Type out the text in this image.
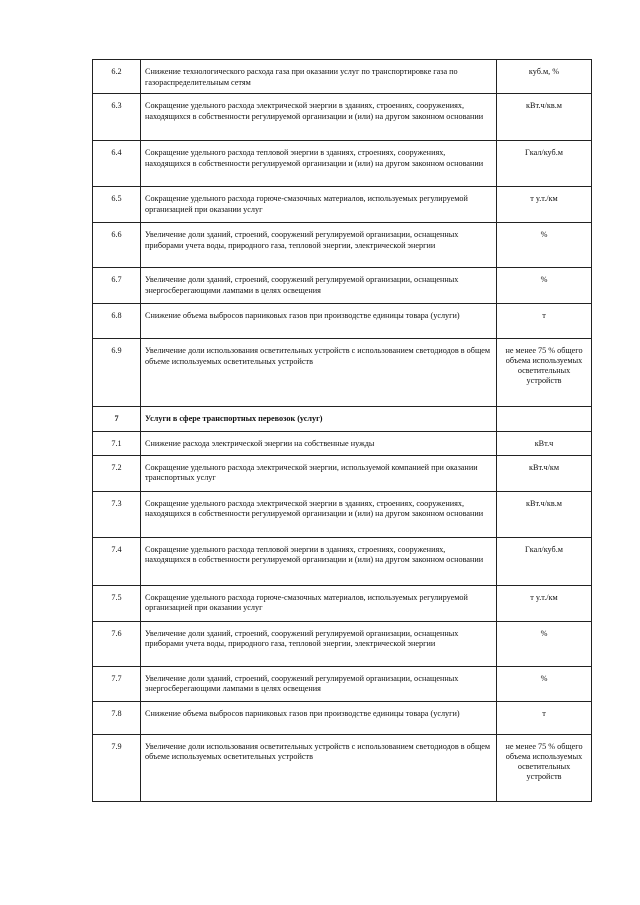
6.2	Снижение технологического расхода газа при оказании услуг по транспортировке газа по газораспределительным сетям	куб.м, %
6.3	Сокращение удельного расхода электрической энергии в зданиях, строениях, сооружениях, находящихся в собственности регулируемой организации и (или) на другом законном основании	кВт.ч/кв.м
6.4	Сокращение удельного расхода тепловой энергии в зданиях, строениях, сооружениях, находящихся в собственности регулируемой организации и (или) на другом законном основании	Гкал/куб.м
6.5	Сокращение удельного расхода горюче-смазочных материалов, используемых регулируемой организацией при оказании услуг	т у.т./км
6.6	Увеличение доли зданий, строений, сооружений регулируемой организации, оснащенных приборами учета воды, природного газа, тепловой энергии, электрической энергии	%
6.7	Увеличение доли зданий, строений, сооружений регулируемой организации, оснащенных энергосберегающими лампами в целях освещения	%
6.8	Снижение объема выбросов парниковых газов при производстве единицы товара (услуги)	т
6.9	Увеличение доли использования осветительных устройств с использованием светодиодов в общем объеме используемых осветительных устройств	не менее 75 % общего объема используемых осветительных устройств
7	Услуги в сфере транспортных перевозок (услуг)	
7.1	Снижение расхода электрической энергии на собственные нужды	кВт.ч
7.2	Сокращение удельного расхода электрической энергии, используемой компанией при оказании транспортных услуг	кВт.ч/км
7.3	Сокращение удельного расхода электрической энергии в зданиях, строениях, сооружениях, находящихся в собственности регулируемой организации и (или) на другом законном основании	кВт.ч/кв.м
7.4	Сокращение удельного расхода тепловой энергии в зданиях, строениях, сооружениях, находящихся в собственности регулируемой организации и (или) на другом законном основании	Гкал/куб.м
7.5	Сокращение удельного расхода горюче-смазочных материалов, используемых регулируемой организацией при оказании услуг	т у.т./км
7.6	Увеличение доли зданий, строений, сооружений регулируемой организации, оснащенных приборами учета воды, природного газа, тепловой энергии, электрической энергии	%
7.7	Увеличение доли зданий, строений, сооружений регулируемой организации, оснащенных энергосберегающими лампами в целях освещения	%
7.8	Снижение объема выбросов парниковых газов при производстве единицы товара (услуги)	т
7.9	Увеличение доли использования осветительных устройств с использованием светодиодов в общем объеме используемых осветительных устройств	не менее 75 % общего объема используемых осветительных устройств
